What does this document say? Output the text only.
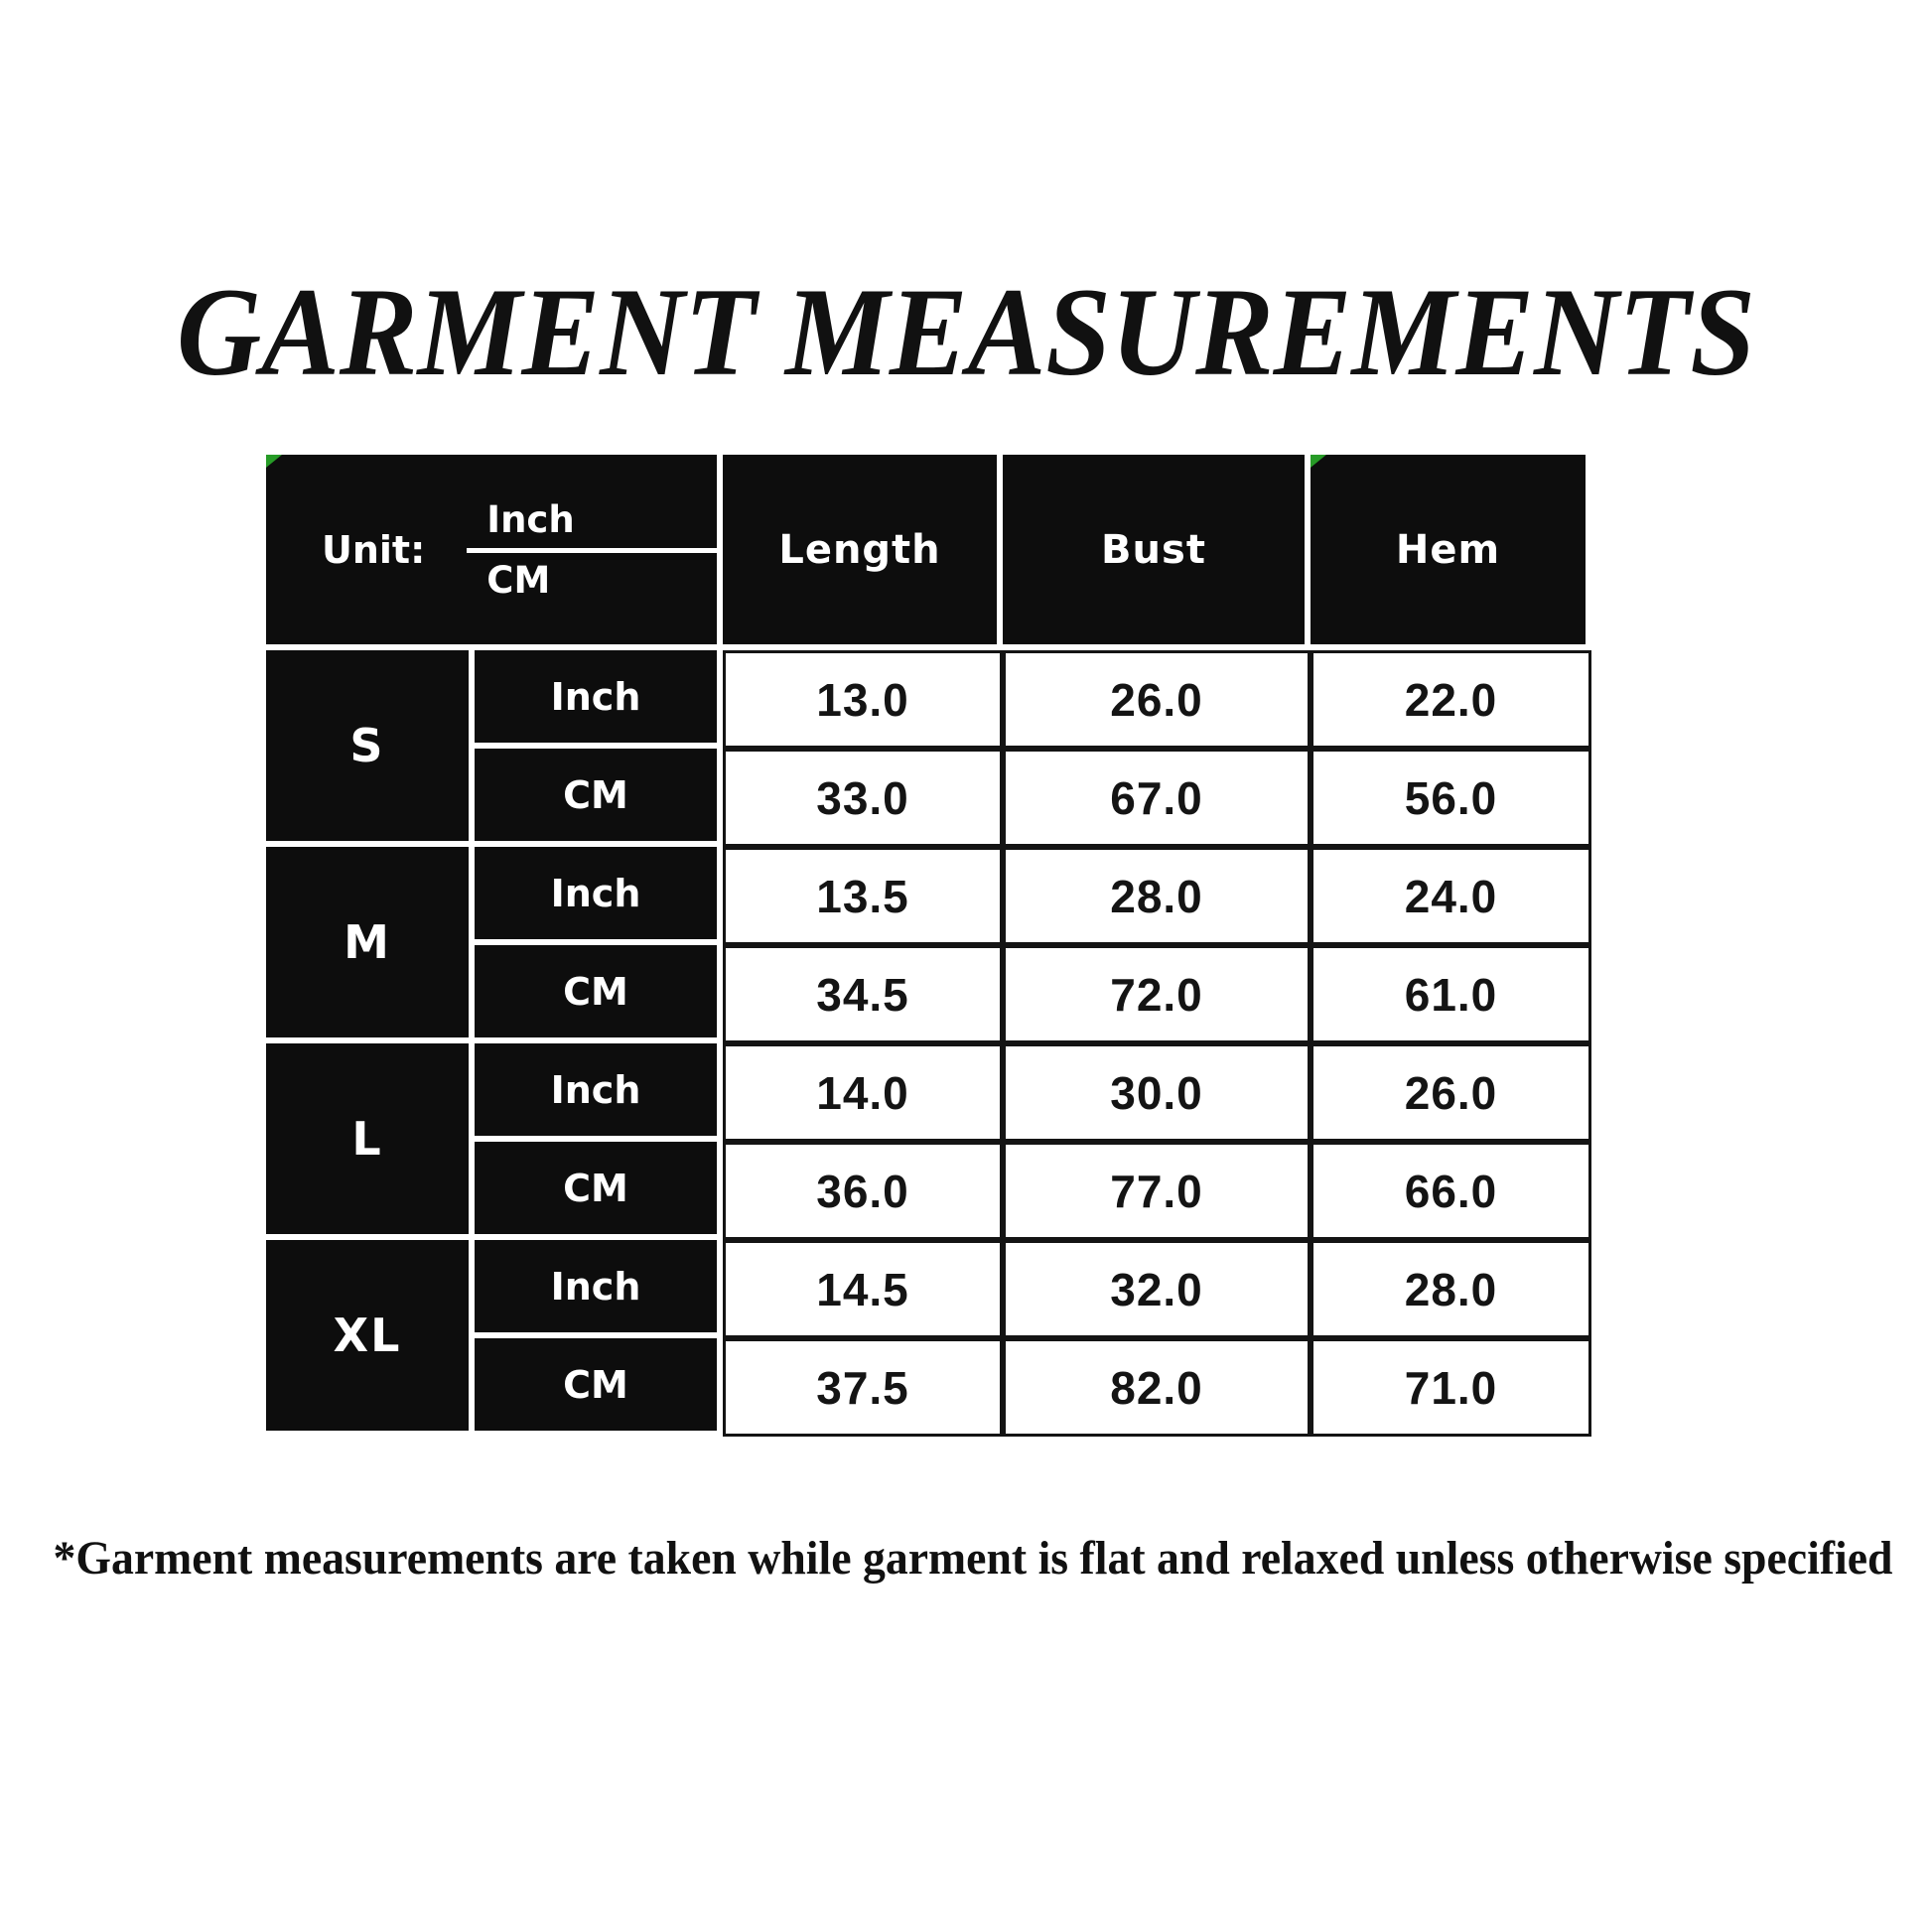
GARMENT MEASUREMENTS
Unit: $\frac{\text{Inch}}{CM}$		Length	Bust	Hem
S	Inch	13.0	26.0	22.0
	CM	33.0	67.0	56.0
M	Inch	13.5	28.0	24.0
	CM	34.5	72.0	61.0
L	Inch	14.0	30.0	26.0
	CM	36.0	77.0	66.0
XL	Inch	14.5	32.0	28.0
	CM	37.5	82.0	71.0
*Garment measurements are taken while garment is flat and relaxed unless otherwise specified
